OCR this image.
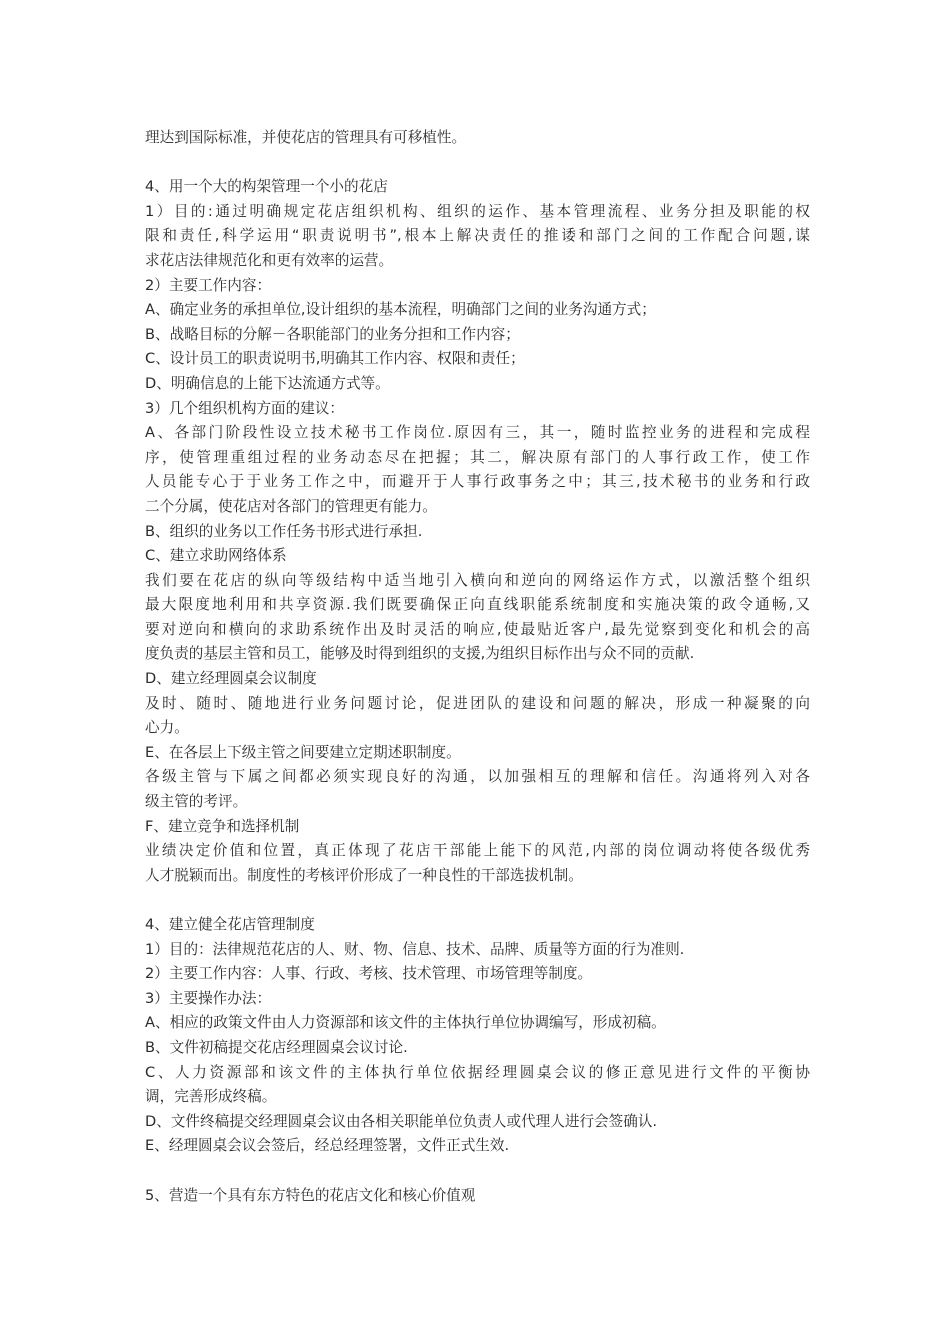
理达到国际标准，并使花店的管理具有可移植性。
4、用一个大的构架管理一个小的花店
1）目的:通过明确规定花店组织机构、组织的运作、基本管理流程、业务分担及职能的权
限和责任,科学运用“职责说明书”,根本上解决责任的推诿和部门之间的工作配合问题,谋
求花店法律规范化和更有效率的运营。
2）主要工作内容：
A、确定业务的承担单位,设计组织的基本流程，明确部门之间的业务沟通方式；
B、战略目标的分解－各职能部门的业务分担和工作内容；
C、设计员工的职责说明书,明确其工作内容、权限和责任；
D、明确信息的上能下达流通方式等。
3）几个组织机构方面的建议：
A、各部门阶段性设立技术秘书工作岗位.原因有三，其一，随时监控业务的进程和完成程
序，使管理重组过程的业务动态尽在把握；其二，解决原有部门的人事行政工作，使工作
人员能专心于于业务工作之中，而避开于人事行政事务之中；其三,技术秘书的业务和行政
二个分属，使花店对各部门的管理更有能力。
B、组织的业务以工作任务书形式进行承担.
C、建立求助网络体系
我们要在花店的纵向等级结构中适当地引入横向和逆向的网络运作方式，以激活整个组织
最大限度地利用和共享资源.我们既要确保正向直线职能系统制度和实施决策的政令通畅,又
要对逆向和横向的求助系统作出及时灵活的响应,使最贴近客户,最先觉察到变化和机会的高
度负责的基层主管和员工，能够及时得到组织的支援,为组织目标作出与众不同的贡献.
D、建立经理圆桌会议制度
及时、随时、随地进行业务问题讨论，促进团队的建设和问题的解决，形成一种凝聚的向
心力。
E、在各层上下级主管之间要建立定期述职制度。
各级主管与下属之间都必须实现良好的沟通，以加强相互的理解和信任。沟通将列入对各
级主管的考评。
F、建立竞争和选择机制
业绩决定价值和位置，真正体现了花店干部能上能下的风范,内部的岗位调动将使各级优秀
人才脱颖而出。制度性的考核评价形成了一种良性的干部选拔机制。
4、建立健全花店管理制度
1）目的：法律规范花店的人、财、物、信息、技术、品牌、质量等方面的行为准则.
2）主要工作内容：人事、行政、考核、技术管理、市场管理等制度。
3）主要操作办法：
A、相应的政策文件由人力资源部和该文件的主体执行单位协调编写，形成初稿。
B、文件初稿提交花店经理圆桌会议讨论.
C、人力资源部和该文件的主体执行单位依据经理圆桌会议的修正意见进行文件的平衡协
调，完善形成终稿。
D、文件终稿提交经理圆桌会议由各相关职能单位负责人或代理人进行会签确认.
E、经理圆桌会议会签后，经总经理签署，文件正式生效.
5、营造一个具有东方特色的花店文化和核心价值观
